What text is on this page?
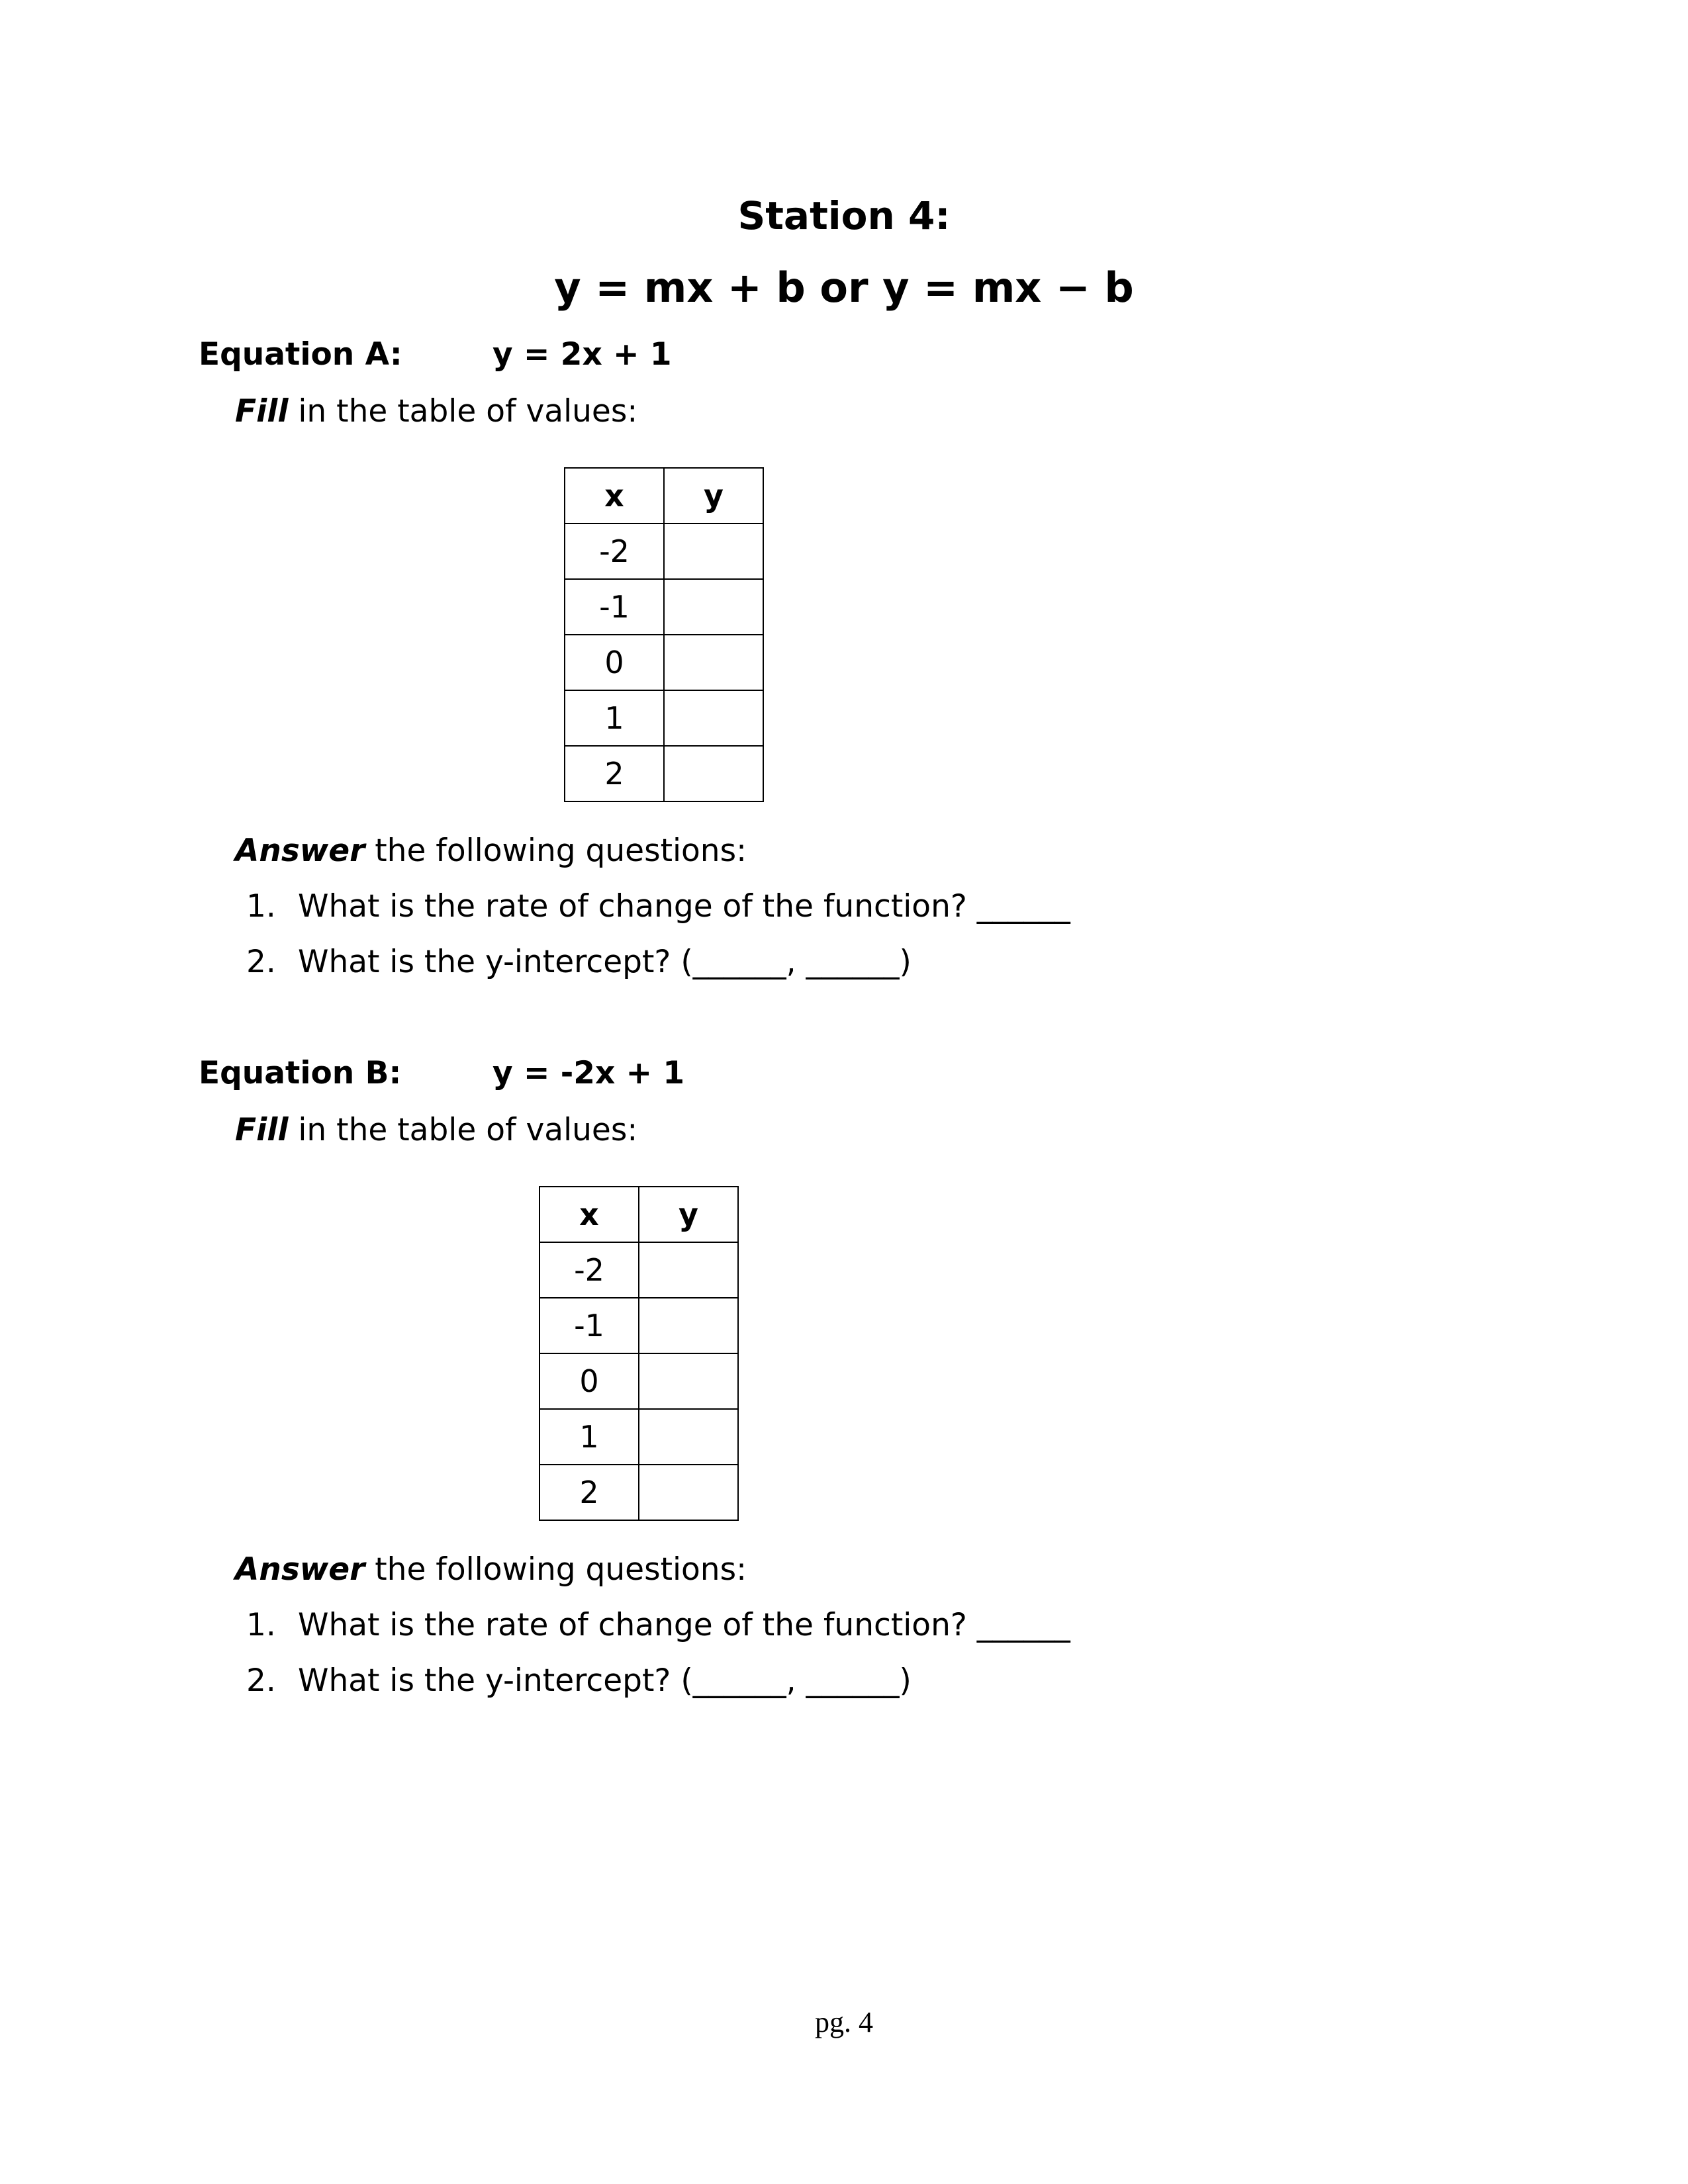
Station 4:
y = mx + b or y = mx − b
Equation A:	y = 2x + 1
Fill in the table of values:
x	y
-2	
-1	
0	
1	
2	
Answer the following questions:
1. What is the rate of change of the function? ______
2. What is the y-intercept? (______, ______)
Equation B:	y = -2x + 1
Fill in the table of values:
x	y
-2	
-1	
0	
1	
2	
Answer the following questions:
1. What is the rate of change of the function? ______
2. What is the y-intercept? (______, ______)
pg. 4
